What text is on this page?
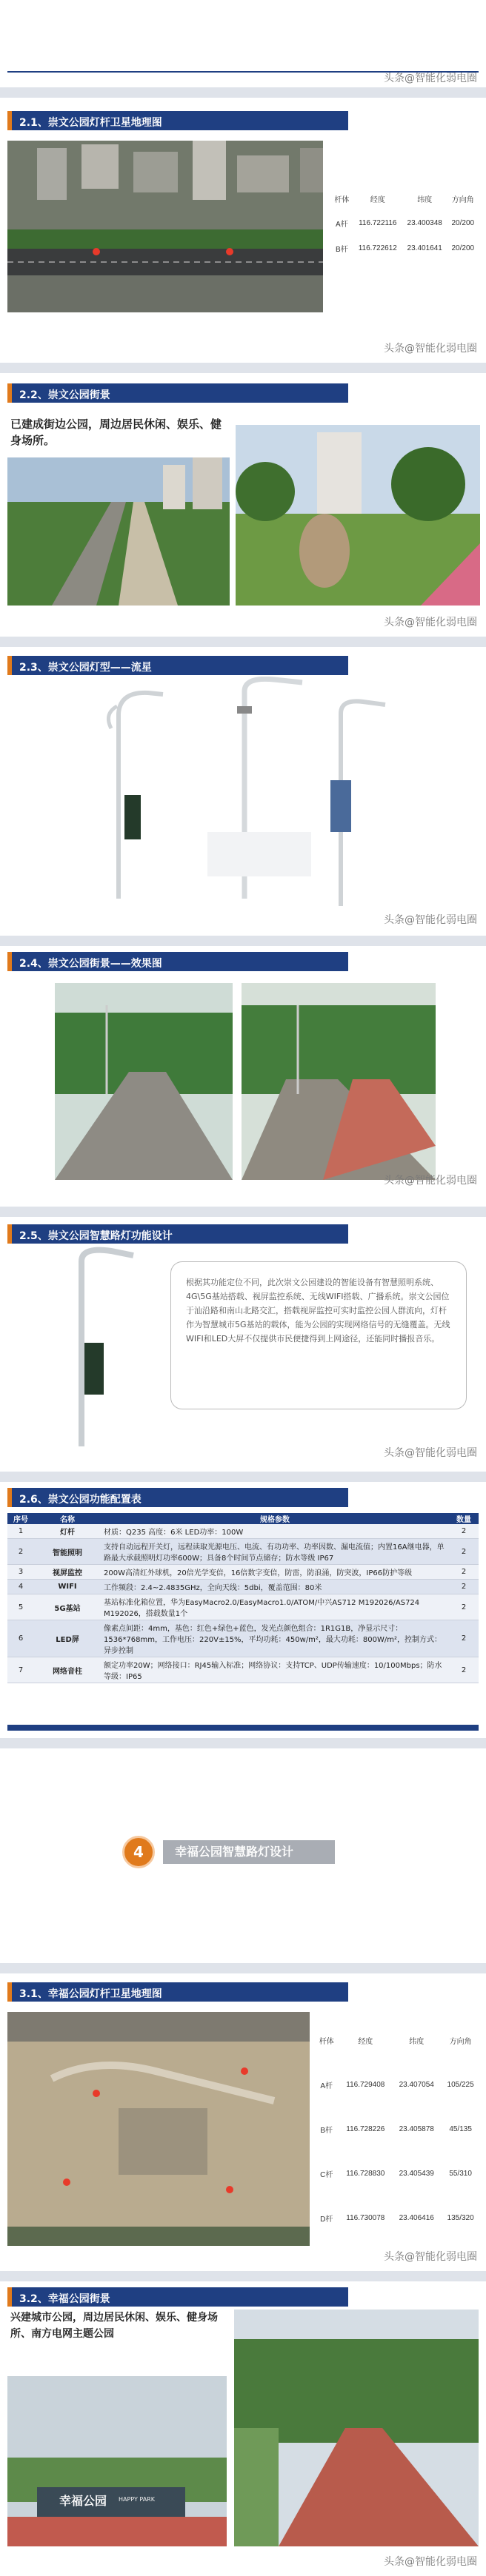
头条@智能化弱电圈
2.1、崇文公园灯杆卫星地理图
杆体	经度	纬度	方向角
A杆	116.722116	23.400348	20/200
B杆	116.722612	23.401641	20/200
头条@智能化弱电圈
2.2、崇文公园街景
已建成街边公园，周边居民休闲、娱乐、健身场所。
头条@智能化弱电圈
2.3、崇文公园灯型——流星
头条@智能化弱电圈
2.4、崇文公园街景——效果图
头条@智能化弱电圈
2.5、崇文公园智慧路灯功能设计
根据其功能定位不同，此次崇文公园建设的智能设备有智慧照明系统、4G\5G基站搭载、视屏监控系统、无线WIFI搭载、广播系统。崇文公园位于汕沿路和南山北路交汇，搭载视屏监控可实时监控公园人群流向，灯杆作为智慧城市5G基站的载体，能为公园的实现网络信号的无缝覆盖。无线WIFI和LED大屏不仅提供市民便捷得到上网途径，还能同时播报音乐。
头条@智能化弱电圈
2.6、崇文公园功能配置表
序号	名称	规格参数	数量
1	灯杆	材质：Q235 高度：6米 LED功率：100W	2
2	智能照明	支持自动远程开关灯，远程读取光源电压、电流、有功功率、功率因数、漏电流值；内置16A继电器，单路最大承载照明灯功率600W；具备8个时间节点储存；防水等级 IP67	2
3	视屏监控	200W高清红外球机，20倍光学变倍，16倍数字变倍，防雷，防浪涌，防突波，IP66防护等级	2
4	WIFI	工作频段：2.4~2.4835GHz，全向天线：5dbi，覆盖范围：80米	2
5	5G基站	基站标准化箱位置，华为EasyMacro2.0/EasyMacro1.0/ATOM/中兴AS712 M192026/AS724 M192026，搭载数量1个	2
6	LED屏	像素点间距：4mm，基色：红色+绿色+蓝色，发光点颜色组合：1R1G1B，净显示尺寸：1536*768mm，工作电压：220V±15%，平均功耗：450w/m²，最大功耗：800W/m²，控制方式：异步控制	2
7	网络音柱	额定功率20W；网络接口：RJ45输入标准；网络协议：支持TCP、UDP传输速度：10/100Mbps；防水等级：IP65	2
4	幸福公园智慧路灯设计
3.1、幸福公园灯杆卫星地理图
杆体	经度	纬度	方向角
A杆	116.729408	23.407054	105/225
B杆	116.728226	23.405878	45/135
C杆	116.728830	23.405439	55/310
D杆	116.730078	23.406416	135/320
头条@智能化弱电圈
3.2、幸福公园街景
兴建城市公园，周边居民休闲、娱乐、健身场所、南方电网主题公园
幸福公园 HAPPY PARK
头条@智能化弱电圈
